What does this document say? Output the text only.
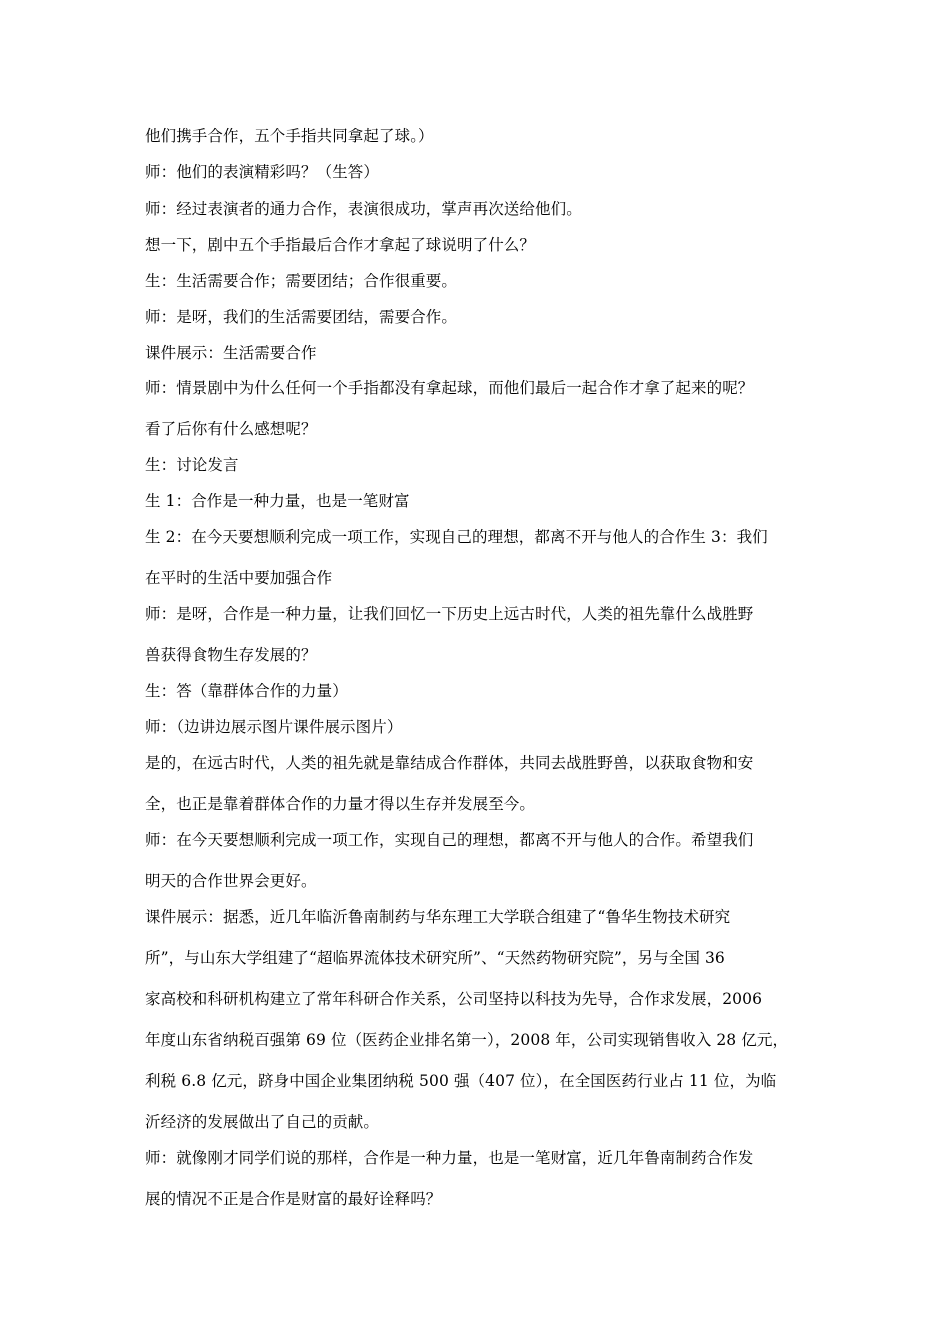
他们携手合作，五个手指共同拿起了球。）
师：他们的表演精彩吗？（生答）
师：经过表演者的通力合作，表演很成功，掌声再次送给他们。
想一下，剧中五个手指最后合作才拿起了球说明了什么？
生：生活需要合作；需要团结；合作很重要。
师：是呀，我们的生活需要团结，需要合作。
课件展示：生活需要合作
师：情景剧中为什么任何一个手指都没有拿起球，而他们最后一起合作才拿了起来的呢？
看了后你有什么感想呢？
生：讨论发言
生 1：合作是一种力量，也是一笔财富
生 2：在今天要想顺利完成一项工作，实现自己的理想，都离不开与他人的合作生 3：我们
在平时的生活中要加强合作
师：是呀，合作是一种力量，让我们回忆一下历史上远古时代，人类的祖先靠什么战胜野
兽获得食物生存发展的？
生：答（靠群体合作的力量）
师：（边讲边展示图片课件展示图片）
是的，在远古时代，人类的祖先就是靠结成合作群体，共同去战胜野兽，以获取食物和安
全，也正是靠着群体合作的力量才得以生存并发展至今。
师：在今天要想顺利完成一项工作，实现自己的理想，都离不开与他人的合作。希望我们
明天的合作世界会更好。
课件展示：据悉，近几年临沂鲁南制药与华东理工大学联合组建了“鲁华生物技术研究
所”，与山东大学组建了“超临界流体技术研究所”、“天然药物研究院”，另与全国 36
家高校和科研机构建立了常年科研合作关系，公司坚持以科技为先导，合作求发展，2006
年度山东省纳税百强第 69 位（医药企业排名第一），2008 年，公司实现销售收入 28 亿元，
利税 6.8 亿元，跻身中国企业集团纳税 500 强（407 位），在全国医药行业占 11 位，为临
沂经济的发展做出了自己的贡献。
师：就像刚才同学们说的那样，合作是一种力量，也是一笔财富，近几年鲁南制药合作发
展的情况不正是合作是财富的最好诠释吗？
